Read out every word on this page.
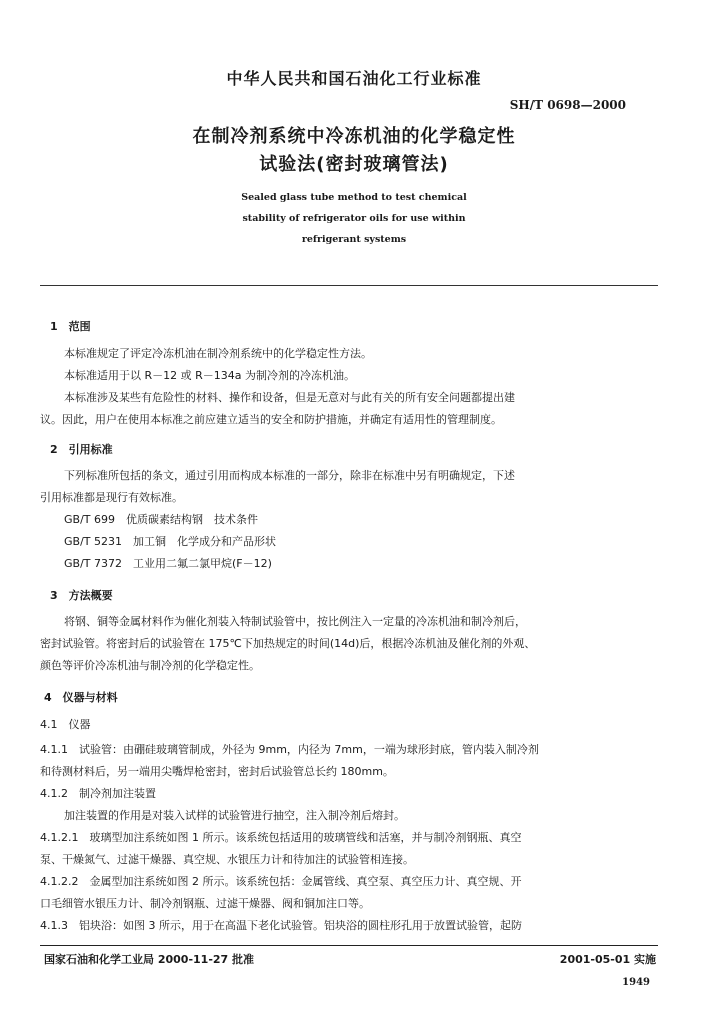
中华人民共和国石油化工行业标准
SH/T 0698—2000
在制冷剂系统中冷冻机油的化学稳定性
试验法(密封玻璃管法)
Sealed glass tube method to test chemical
stability of refrigerator oils for use within
refrigerant systems
1　范围
本标准规定了评定冷冻机油在制冷剂系统中的化学稳定性方法。
本标准适用于以 R－12 或 R－134a 为制冷剂的冷冻机油。
本标准涉及某些有危险性的材料、操作和设备，但是无意对与此有关的所有安全问题都提出建
议。因此，用户在使用本标准之前应建立适当的安全和防护措施，并确定有适用性的管理制度。
2　引用标准
下列标准所包括的条文，通过引用而构成本标准的一部分，除非在标准中另有明确规定，下述
引用标准都是现行有效标准。
GB/T 699　优质碳素结构钢　技术条件
GB/T 5231　加工铜　化学成分和产品形状
GB/T 7372　工业用二氟二氯甲烷(F－12)
3　方法概要
将钢、铜等金属材料作为催化剂装入特制试验管中，按比例注入一定量的冷冻机油和制冷剂后，
密封试验管。将密封后的试验管在 175℃下加热规定的时间(14d)后，根据冷冻机油及催化剂的外观、
颜色等评价冷冻机油与制冷剂的化学稳定性。
4　仪器与材料
4.1　仪器
4.1.1　试验管：由硼硅玻璃管制成，外径为 9mm，内径为 7mm，一端为球形封底，管内装入制冷剂
和待测材料后，另一端用尖嘴焊枪密封，密封后试验管总长约 180mm。
4.1.2　制冷剂加注装置
加注装置的作用是对装入试样的试验管进行抽空，注入制冷剂后熔封。
4.1.2.1　玻璃型加注系统如图 1 所示。该系统包括适用的玻璃管线和活塞，并与制冷剂钢瓶、真空
泵、干燥氮气、过滤干燥器、真空规、水银压力计和待加注的试验管相连接。
4.1.2.2　金属型加注系统如图 2 所示。该系统包括：金属管线、真空泵、真空压力计、真空规、开
口毛细管水银压力计、制冷剂钢瓶、过滤干燥器、阀和铜加注口等。
4.1.3　铝块浴：如图 3 所示，用于在高温下老化试验管。铝块浴的圆柱形孔用于放置试验管，起防
国家石油和化学工业局 2000-11-27 批准	2001-05-01 实施
1949
